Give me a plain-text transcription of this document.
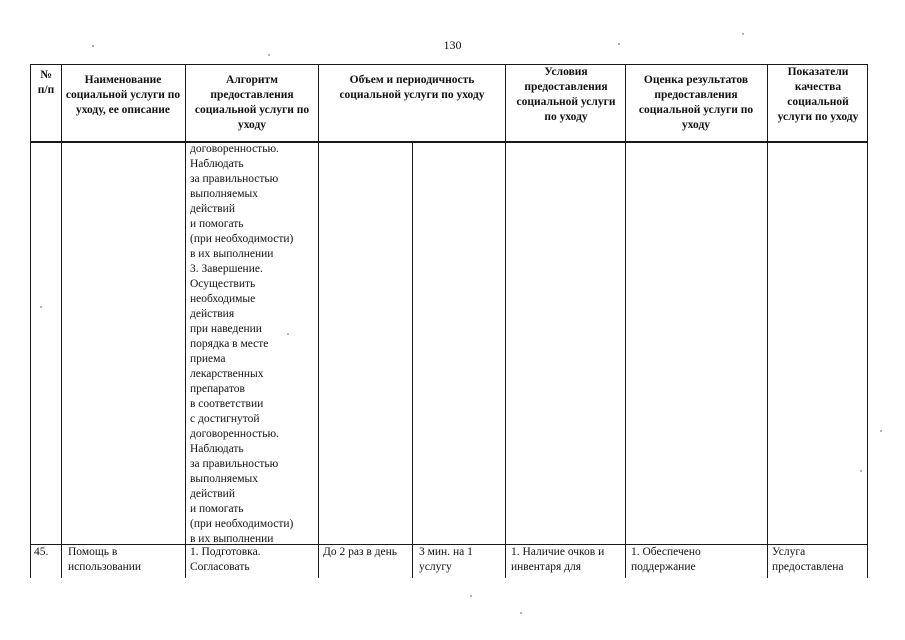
130
№ п/п
Наименование социальной услуги по уходу, ее описание
Алгоритм предоставления социальной услуги по уходу
Объем и периодичность социальной услуги по уходу
Условия предоставления социальной услуги по уходу
Оценка результатов предоставления социальной услуги по уходу
Показатели качества социальной услуги по уходу
договоренностью.
Наблюдать
за правильностью
выполняемых
действий
и помогать
(при необходимости)
в их выполнении
3. Завершение.
Осуществить
необходимые
действия
при наведении
порядка в месте
приема
лекарственных
препаратов
в соответствии
с достигнутой
договоренностью.
Наблюдать
за правильностью
выполняемых
действий
и помогать
(при необходимости)
в их выполнении
45.	Помощь в использовании
1. Подготовка. Согласовать
До 2 раз в день	3 мин. на 1 услугу
1. Наличие очков и инвентаря для
1. Обеспечено поддержание
Услуга предоставлена
